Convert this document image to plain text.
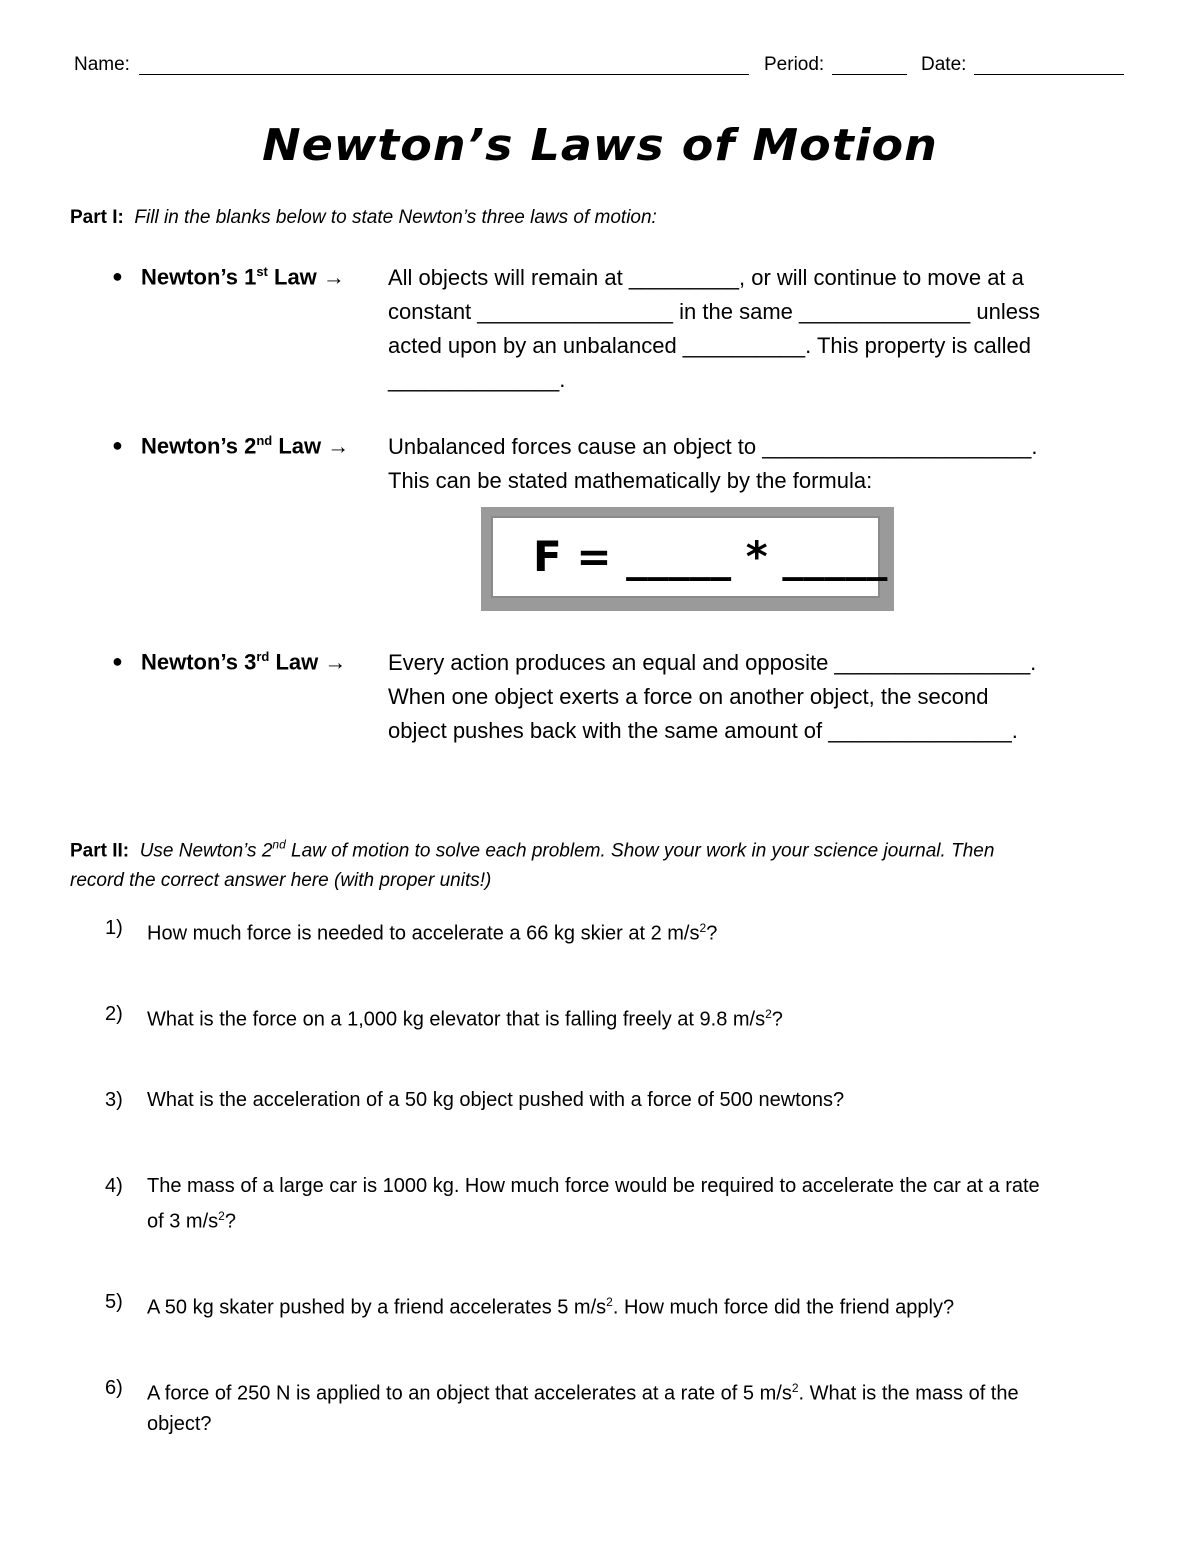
Name:	Period:	Date:
Newton’s Laws of Motion
Part I: Fill in the blanks below to state Newton’s three laws of motion:
● Newton’s 1st Law → All objects will remain at _________, or will continue to move at a
constant ________________ in the same ______________ unless
acted upon by an unbalanced __________. This property is called
______________.
● Newton’s 2nd Law → Unbalanced forces cause an object to ______________________.
This can be stated mathematically by the formula:
F = _____ * _____
● Newton’s 3rd Law → Every action produces an equal and opposite ________________.
When one object exerts a force on another object, the second
object pushes back with the same amount of _______________.
Part II: Use Newton’s 2nd Law of motion to solve each problem. Show your work in your science journal. Then
record the correct answer here (with proper units!)
1) How much force is needed to accelerate a 66 kg skier at 2 $m/s^2$?
2) What is the force on a 1,000 kg elevator that is falling freely at 9.8 $m/s^2$?
3) What is the acceleration of a 50 kg object pushed with a force of 500 newtons?
4) The mass of a large car is 1000 kg. How much force would be required to accelerate the car at a rate
of 3 $m/s^2$?
5) A 50 kg skater pushed by a friend accelerates 5 $m/s^2$. How much force did the friend apply?
6) A force of 250 N is applied to an object that accelerates at a rate of 5 $m/s^2$. What is the mass of the
object?
